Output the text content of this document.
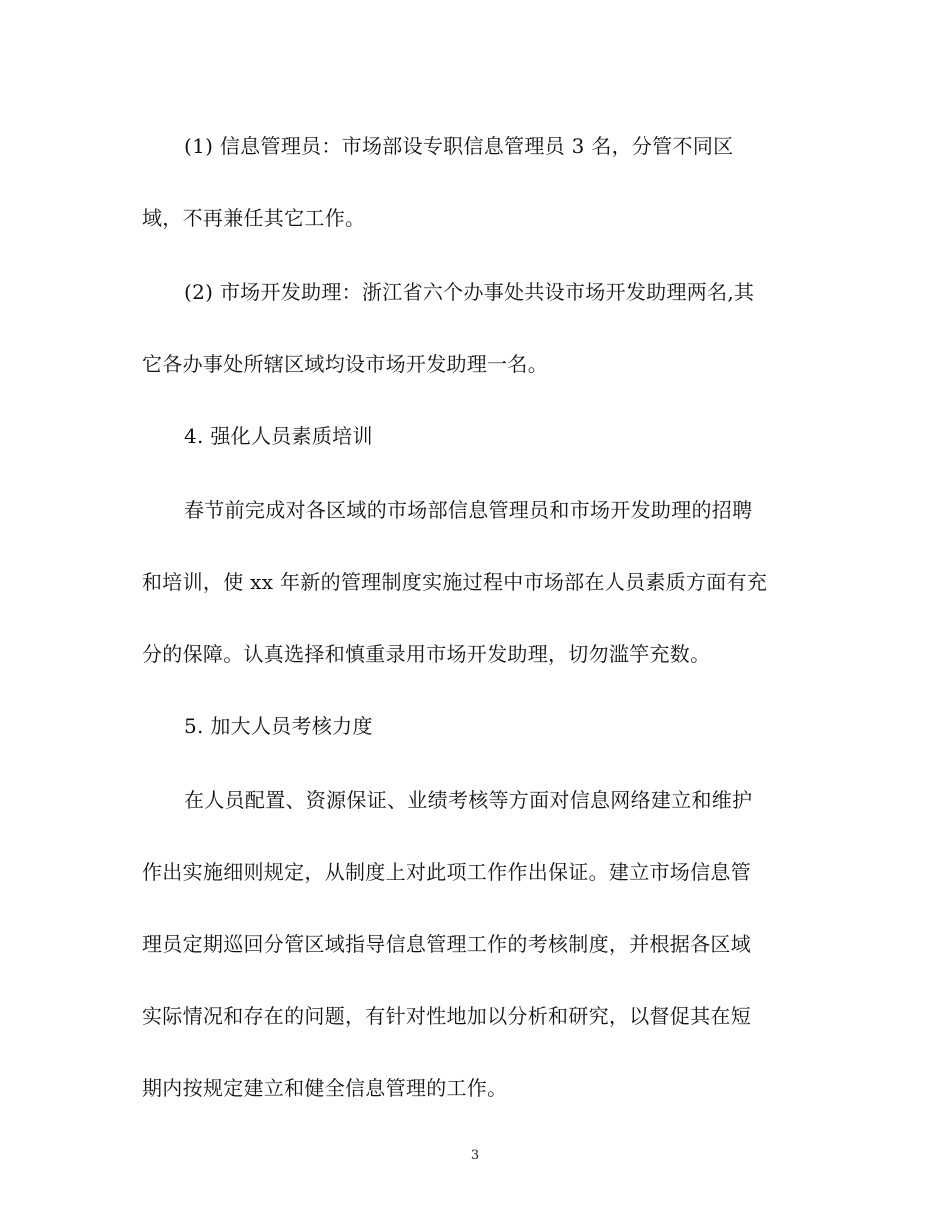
(1) 信息管理员：市场部设专职信息管理员 3 名，分管不同区
域，不再兼任其它工作。
(2) 市场开发助理：浙江省六个办事处共设市场开发助理两名,其
它各办事处所辖区域均设市场开发助理一名。
4. 强化人员素质培训
春节前完成对各区域的市场部信息管理员和市场开发助理的招聘
和培训，使 xx 年新的管理制度实施过程中市场部在人员素质方面有充
分的保障。认真选择和慎重录用市场开发助理，切勿滥竽充数。
5. 加大人员考核力度
在人员配置、资源保证、业绩考核等方面对信息网络建立和维护
作出实施细则规定，从制度上对此项工作作出保证。建立市场信息管
理员定期巡回分管区域指导信息管理工作的考核制度，并根据各区域
实际情况和存在的问题，有针对性地加以分析和研究，以督促其在短
期内按规定建立和健全信息管理的工作。
3
